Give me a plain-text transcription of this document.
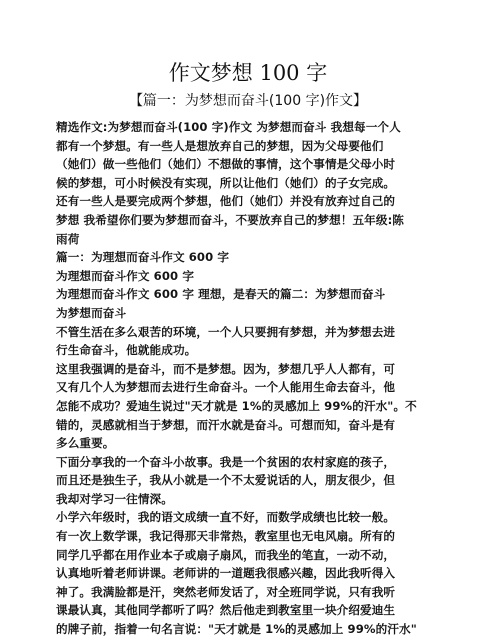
作文梦想 100 字
【篇一：为梦想而奋斗(100 字)作文】
精选作文:为梦想而奋斗(100 字)作文 为梦想而奋斗 我想每一个人
都有一个梦想。有一些人是想放弃自己的梦想，因为父母要他们
（她们）做一些他们（她们）不想做的事情，这个事情是父母小时
候的梦想，可小时候没有实现，所以让他们（她们）的子女完成。
还有一些人是要完成两个梦想，他们（她们）并没有放弃过自己的
梦想 我希望你们要为梦想而奋斗，不要放弃自己的梦想！五年级:陈
雨荷
篇一：为理想而奋斗作文 600 字
为理想而奋斗作文 600 字
为理想而奋斗作文 600 字 理想，是春天的篇二：为梦想而奋斗
为梦想而奋斗
不管生活在多么艰苦的环境，一个人只要拥有梦想，并为梦想去进
行生命奋斗，他就能成功。
这里我强调的是奋斗，而不是梦想。因为，梦想几乎人人都有，可
又有几个人为梦想而去进行生命奋斗。一个人能用生命去奋斗，他
怎能不成功？爱迪生说过"天才就是 1%的灵感加上 99%的汗水"。不
错的，灵感就相当于梦想，而汗水就是奋斗。可想而知，奋斗是有
多么重要。
下面分享我的一个奋斗小故事。我是一个贫困的农村家庭的孩子，
而且还是独生子，我从小就是一个不太爱说话的人，朋友很少，但
我却对学习一往情深。
小学六年级时，我的语文成绩一直不好，而数学成绩也比较一般。
有一次上数学课，我记得那天非常热，教室里也无电风扇。所有的
同学几乎都在用作业本子或扇子扇风，而我坐的笔直，一动不动，
认真地听着老师讲课。老师讲的一道题我很感兴趣，因此我听得入
神了。我满脸都是汗，突然老师发话了，对全班同学说，只有我听
课最认真，其他同学都听了吗？然后他走到教室里一块介绍爱迪生
的牌子前，指着一句名言说："天才就是 1%的灵感加上 99%的汗水"
